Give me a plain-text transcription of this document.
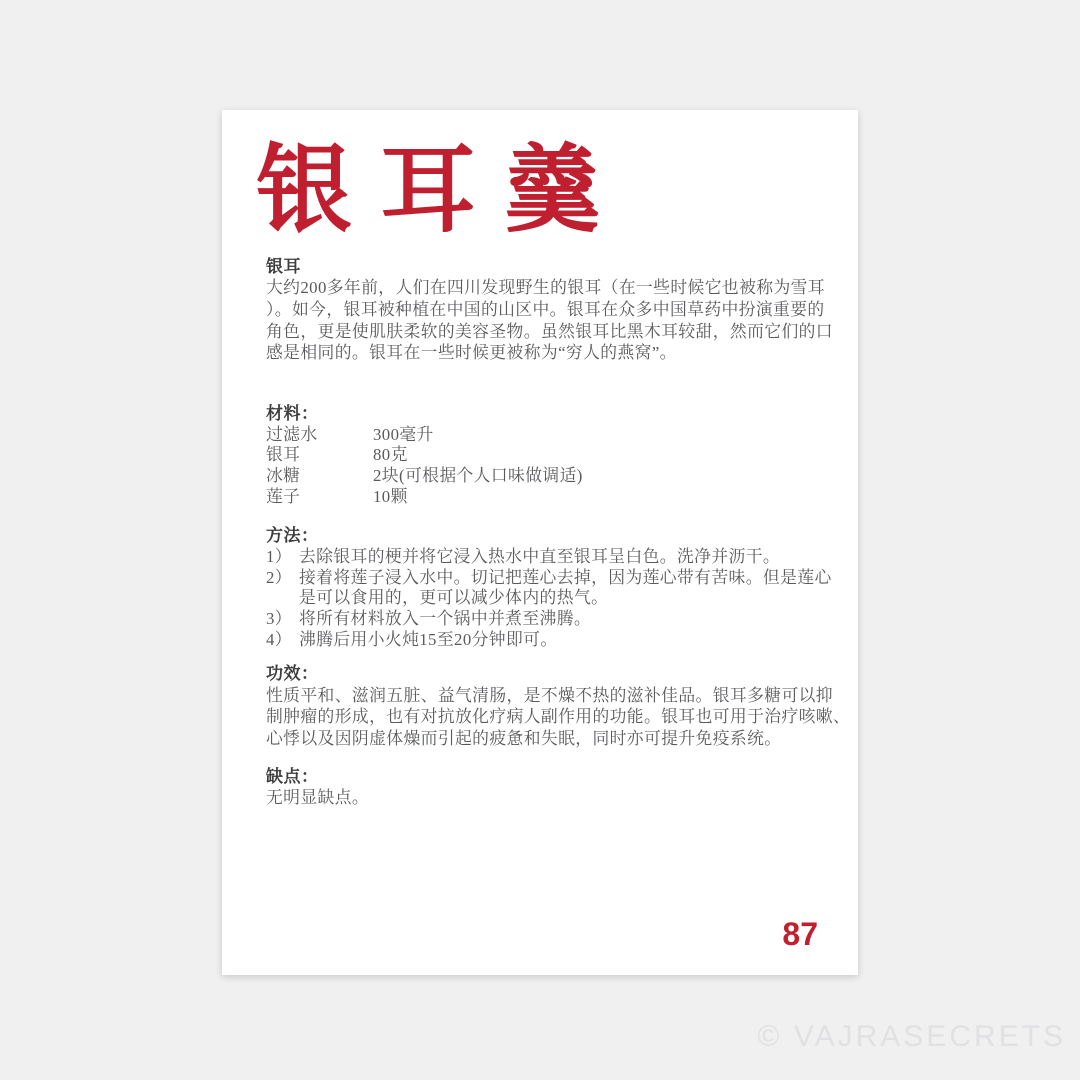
银耳羹
银耳
大约200多年前，人们在四川发现野生的银耳（在一些时候它也被称为雪耳
）。如今，银耳被种植在中国的山区中。银耳在众多中国草药中扮演重要的
角色，更是使肌肤柔软的美容圣物。虽然银耳比黑木耳较甜，然而它们的口
感是相同的。银耳在一些时候更被称为“穷人的燕窝”。
材料：
过滤水	300毫升
银耳	80克
冰糖	2块(可根据个人口味做调适)
莲子	10颗
方法：
1） 去除银耳的梗并将它浸入热水中直至银耳呈白色。洗净并沥干。
2） 接着将莲子浸入水中。切记把莲心去掉，因为莲心带有苦味。但是莲心
是可以食用的，更可以减少体内的热气。
3） 将所有材料放入一个锅中并煮至沸腾。
4） 沸腾后用小火炖15至20分钟即可。
功效：
性质平和、滋润五脏、益气清肠，是不燥不热的滋补佳品。银耳多糖可以抑
制肿瘤的形成，也有对抗放化疗病人副作用的功能。银耳也可用于治疗咳嗽、
心悸以及因阴虚体燥而引起的疲惫和失眠，同时亦可提升免疫系统。
缺点：
无明显缺点。
87
© VAJRASECRETS
